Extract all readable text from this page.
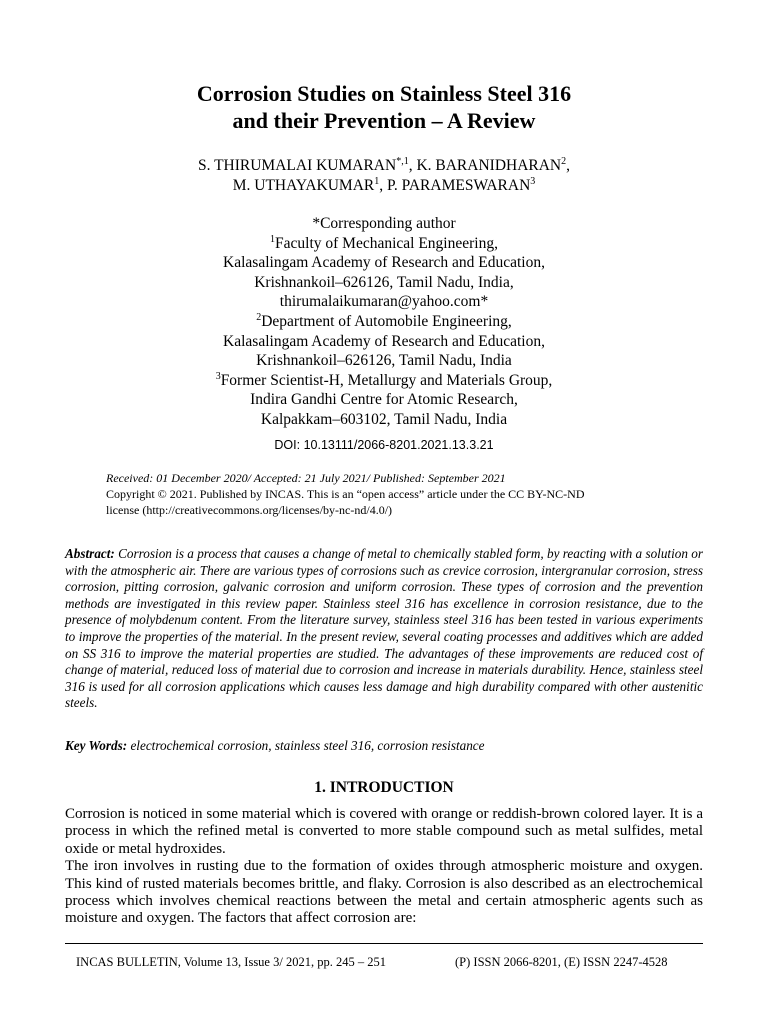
Corrosion Studies on Stainless Steel 316
and their Prevention – A Review
S. THIRUMALAI $KUMARAN^{*,1}$, K. BARANIDHARAN$^2$,
M. UTHAYAKUMAR$^1$, P. PARAMESWARAN$^3$
*Corresponding author
$^1$Faculty of Mechanical Engineering,
Kalasalingam Academy of Research and Education,
Krishnankoil–626126, Tamil Nadu, India,
thirumalaikumaran@yahoo.com*
$^2$Department of Automobile Engineering,
Kalasalingam Academy of Research and Education,
Krishnankoil–626126, Tamil Nadu, India
$^3$Former Scientist-H, Metallurgy and Materials Group,
Indira Gandhi Centre for Atomic Research,
Kalpakkam–603102, Tamil Nadu, India
DOI: 10.13111/2066-8201.2021.13.3.21
Received: 01 December 2020/ Accepted: 21 July 2021/ Published: September 2021
Copyright © 2021. Published by INCAS. This is an “open access” article under the CC BY-NC-ND
license (http://creativecommons.org/licenses/by-nc-nd/4.0/)
Abstract: Corrosion is a process that causes a change of metal to chemically stabled form, by reacting with a solution or with the atmospheric air. There are various types of corrosions such as crevice corrosion, intergranular corrosion, stress corrosion, pitting corrosion, galvanic corrosion and uniform corrosion. These types of corrosion and the prevention methods are investigated in this review paper. Stainless steel 316 has excellence in corrosion resistance, due to the presence of molybdenum content. From the literature survey, stainless steel 316 has been tested in various experiments to improve the properties of the material. In the present review, several coating processes and additives which are added on SS 316 to improve the material properties are studied. The advantages of these improvements are reduced cost of change of material, reduced loss of material due to corrosion and increase in materials durability. Hence, stainless steel 316 is used for all corrosion applications which causes less damage and high durability compared with other austenitic steels.
Key Words: electrochemical corrosion, stainless steel 316, corrosion resistance
1. INTRODUCTION

Corrosion is noticed in some material which is covered with orange or reddish-brown colored layer. It is a process in which the refined metal is converted to more stable compound such as metal sulfides, metal oxide or metal hydroxides.

The iron involves in rusting due to the formation of oxides through atmospheric moisture and oxygen. This kind of rusted materials becomes brittle, and flaky. Corrosion is also described as an electrochemical process which involves chemical reactions between the metal and certain atmospheric agents such as moisture and oxygen. The factors that affect corrosion are:

INCAS BULLETIN, Volume 13, Issue 3/ 2021, pp. 245 – 251	(P) ISSN 2066-8201, (E) ISSN 2247-4528
